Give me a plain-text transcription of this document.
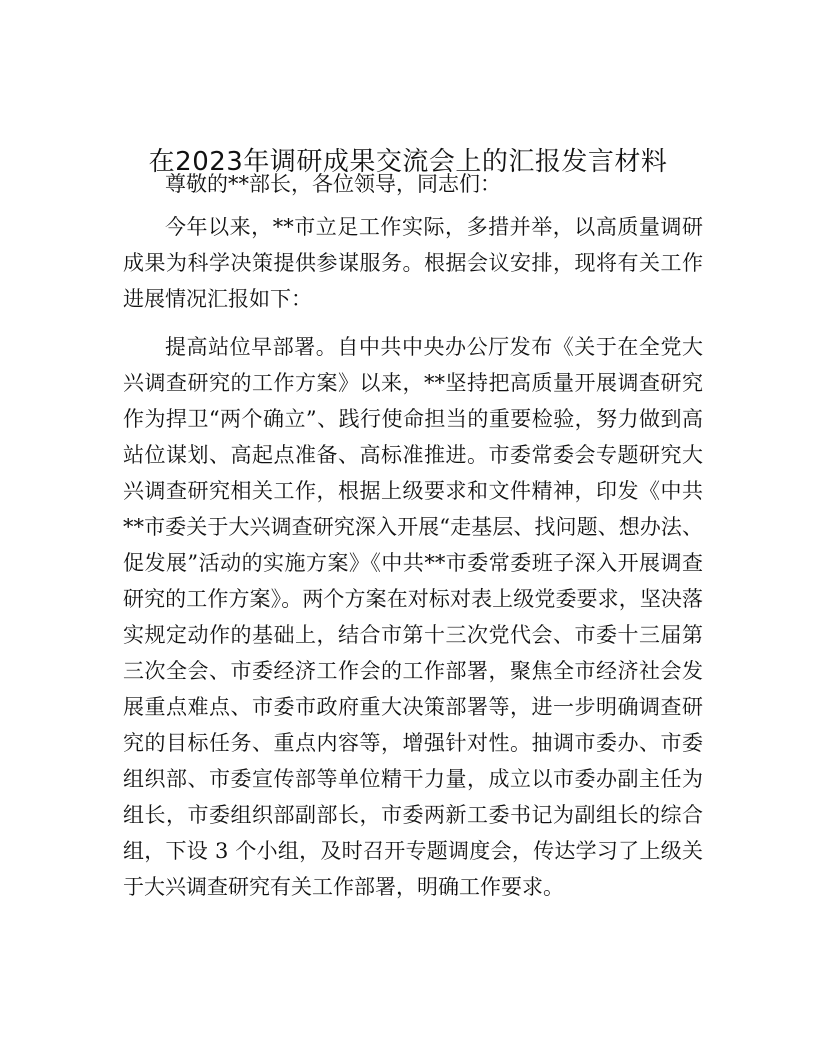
在2023年调研成果交流会上的汇报发言材料

尊敬的**部长，各位领导，同志们：

今年以来，**市立足工作实际，多措并举，以高质量调研成果为科学决策提供参谋服务。根据会议安排，现将有关工作进展情况汇报如下：

提高站位早部署。自中共中央办公厅发布《关于在全党大兴调查研究的工作方案》以来，**坚持把高质量开展调查研究作为捍卫“两个确立”、践行使命担当的重要检验，努力做到高站位谋划、高起点准备、高标准推进。市委常委会专题研究大兴调查研究相关工作，根据上级要求和文件精神，印发《中共**市委关于大兴调查研究深入开展“走基层、找问题、想办法、促发展”活动的实施方案》《中共**市委常委班子深入开展调查研究的工作方案》。两个方案在对标对表上级党委要求，坚决落实规定动作的基础上，结合市第十三次党代会、市委十三届第三次全会、市委经济工作会的工作部署，聚焦全市经济社会发展重点难点、市委市政府重大决策部署等，进一步明确调查研究的目标任务、重点内容等，增强针对性。抽调市委办、市委组织部、市委宣传部等单位精干力量，成立以市委办副主任为组长，市委组织部副部长，市委两新工委书记为副组长的综合组，下设 3 个小组，及时召开专题调度会，传达学习了上级关于大兴调查研究有关工作部署，明确工作要求。
